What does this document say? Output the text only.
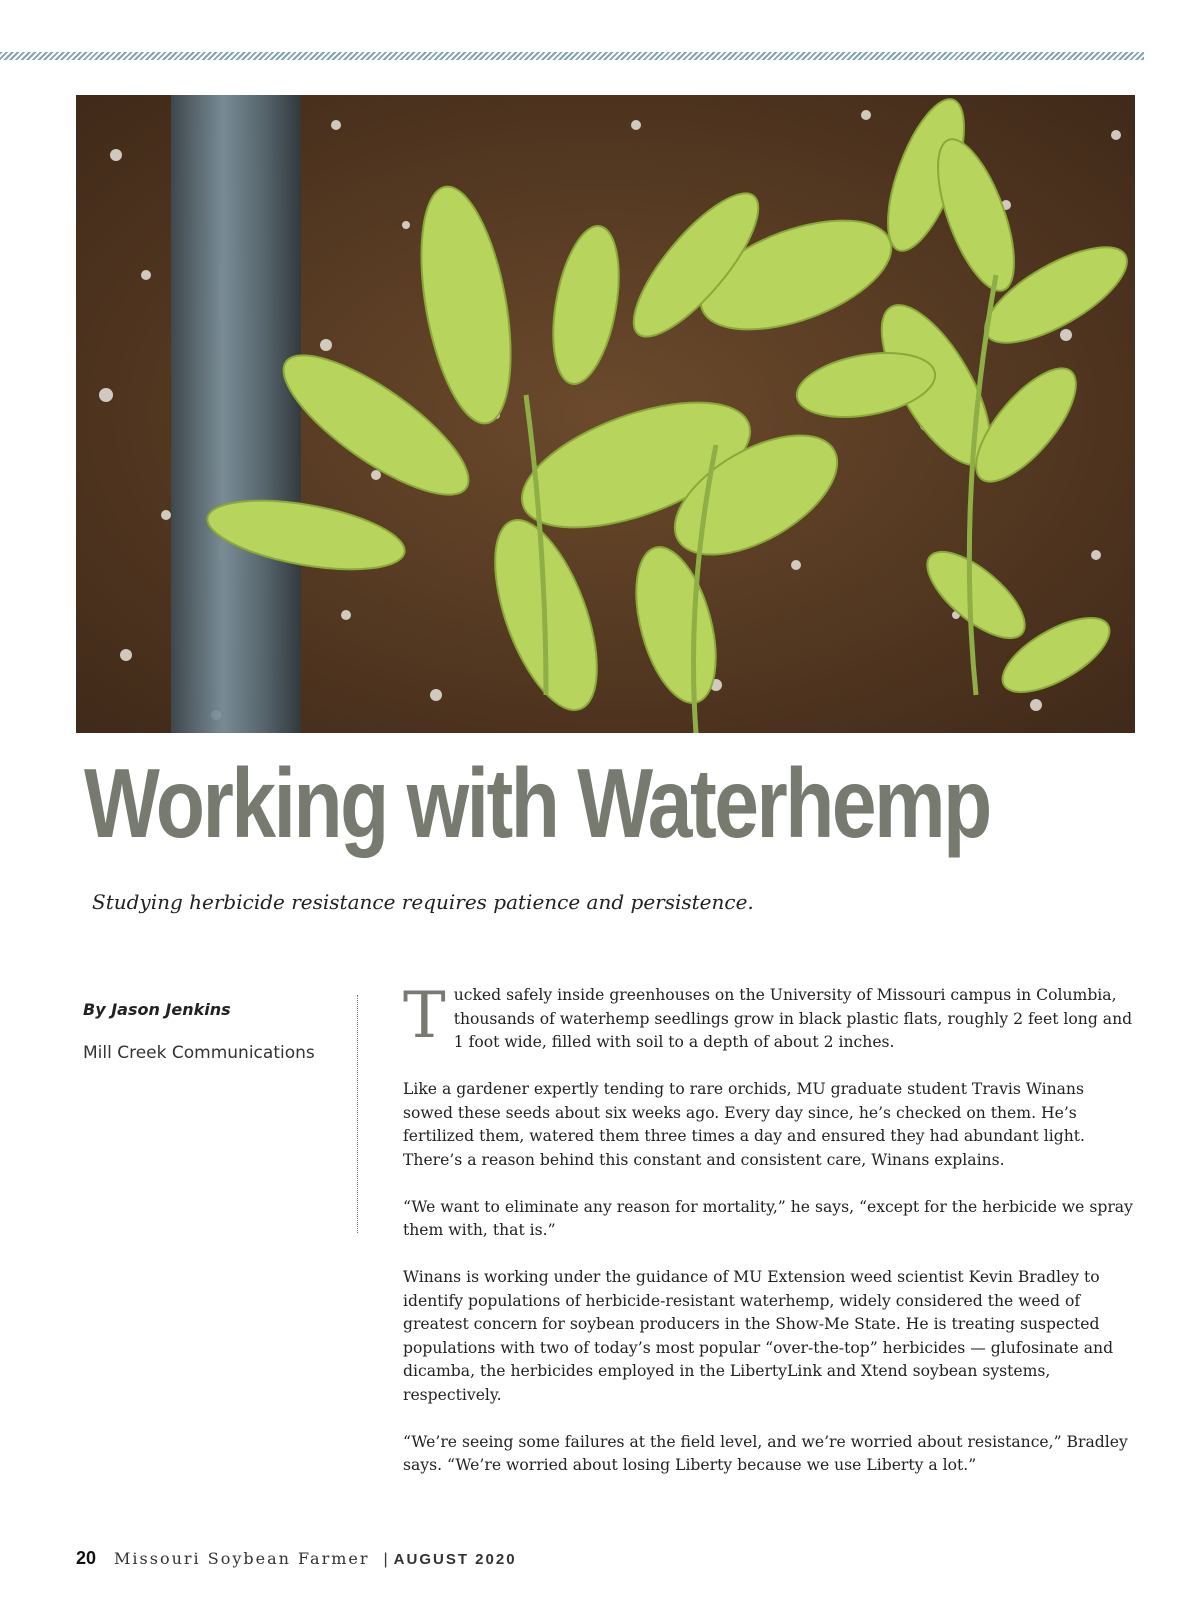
Working with Waterhemp
Studying herbicide resistance requires patience and persistence.

By Jason Jenkins

Mill Creek Communications	Tucked safely inside greenhouses on the University of Missouri campus in Columbia, thousands of waterhemp seedlings grow in black plastic flats, roughly 2 feet long and 1 foot wide, filled with soil to a depth of about 2 inches.

Like a gardener expertly tending to rare orchids, MU graduate student Travis Winans sowed these seeds about six weeks ago. Every day since, he’s checked on them. He’s fertilized them, watered them three times a day and ensured they had abundant light. There’s a reason behind this constant and consistent care, Winans explains.

“We want to eliminate any reason for mortality,” he says, “except for the herbicide we spray them with, that is.”

Winans is working under the guidance of MU Extension weed scientist Kevin Bradley to identify populations of herbicide-resistant waterhemp, widely considered the weed of greatest concern for soybean producers in the Show-Me State. He is treating suspected populations with two of today’s most popular “over-the-top” herbicides — glufosinate and dicamba, the herbicides employed in the LibertyLink and Xtend soybean systems, respectively.

“We’re seeing some failures at the field level, and we’re worried about resistance,” Bradley says. “We’re worried about losing Liberty because we use Liberty a lot.”

20 Missouri Soybean Farmer | AUGUST 2020
